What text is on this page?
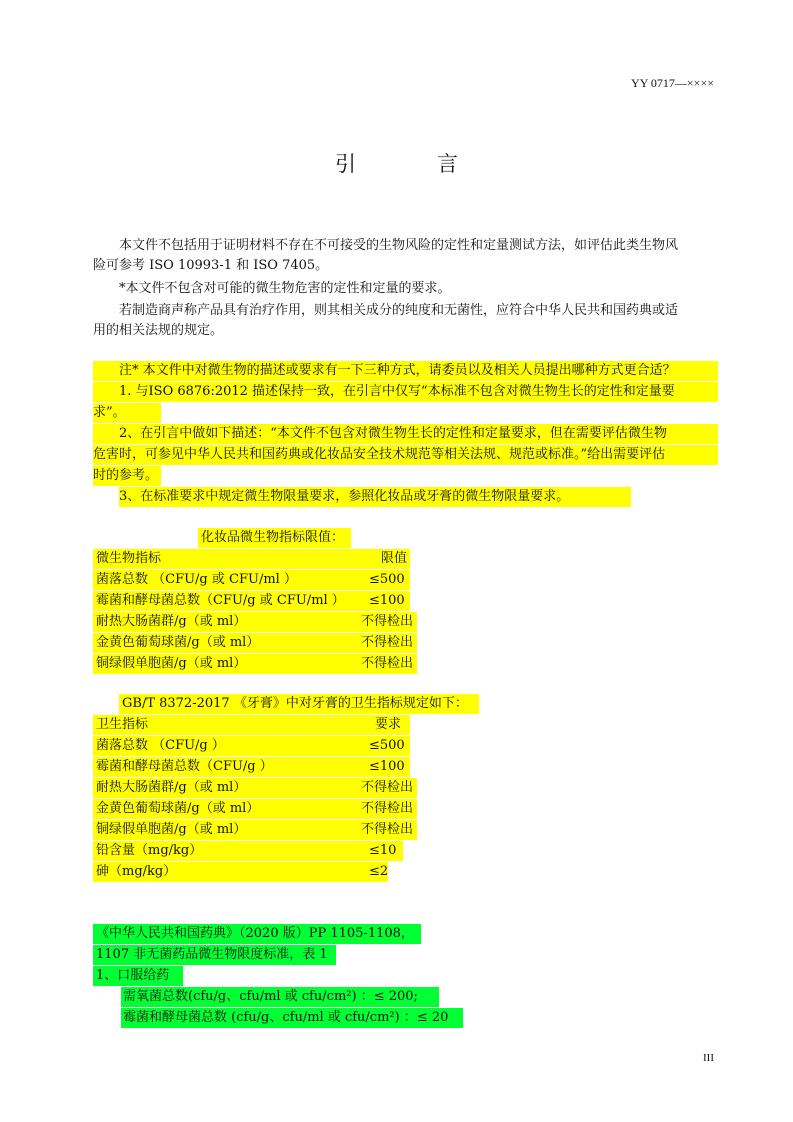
YY 0717—××××
引　言
本文件不包括用于证明材料不存在不可接受的生物风险的定性和定量测试方法，如评估此类生物风
险可参考 ISO 10993-1 和 ISO 7405。
*本文件不包含对可能的微生物危害的定性和定量的要求。
若制造商声称产品具有治疗作用，则其相关成分的纯度和无菌性，应符合中华人民共和国药典或适
用的相关法规的规定。
注* 本文件中对微生物的描述或要求有一下三种方式，请委员以及相关人员提出哪种方式更合适？
1. 与ISO 6876:2012 描述保持一致，在引言中仅写“本标准不包含对微生物生长的定性和定量要
求”。
2、在引言中做如下描述：“本文件不包含对微生物生长的定性和定量要求，但在需要评估微生物
危害时，可参见中华人民共和国药典或化妆品安全技术规范等相关法规、规范或标准。”给出需要评估
时的参考。
3、在标准要求中规定微生物限量要求，参照化妆品或牙膏的微生物限量要求。
化妆品微生物指标限值：
微生物指标	限值
菌落总数 （CFU/g 或 CFU/ml ）	≤500
霉菌和酵母菌总数（CFU/g 或 CFU/ml ） ≤100
耐热大肠菌群/g（或 ml）	不得检出
金黄色葡萄球菌/g（或 ml）	不得检出
铜绿假单胞菌/g（或 ml）	不得检出
GB/T 8372-2017 《牙膏》中对牙膏的卫生指标规定如下：
卫生指标	要求
菌落总数 （CFU/g ）	≤500
霉菌和酵母菌总数（CFU/g ）	≤100
耐热大肠菌群/g（或 ml）	不得检出
金黄色葡萄球菌/g（或 ml）	不得检出
铜绿假单胞菌/g（或 ml）	不得检出
铅含量（mg/kg）	≤10
砷（mg/kg）	≤2
《中华人民共和国药典》（2020 版）PP 1105-1108，
1107 非无菌药品微生物限度标准，表 1
1、口服给药
需氧菌总数(cfu/g、cfu/ml 或 cfu/cm²) ：≤ 200;
霉菌和酵母菌总数 (cfu/g、cfu/ml 或 cfu/cm²) ：≤ 20
III
